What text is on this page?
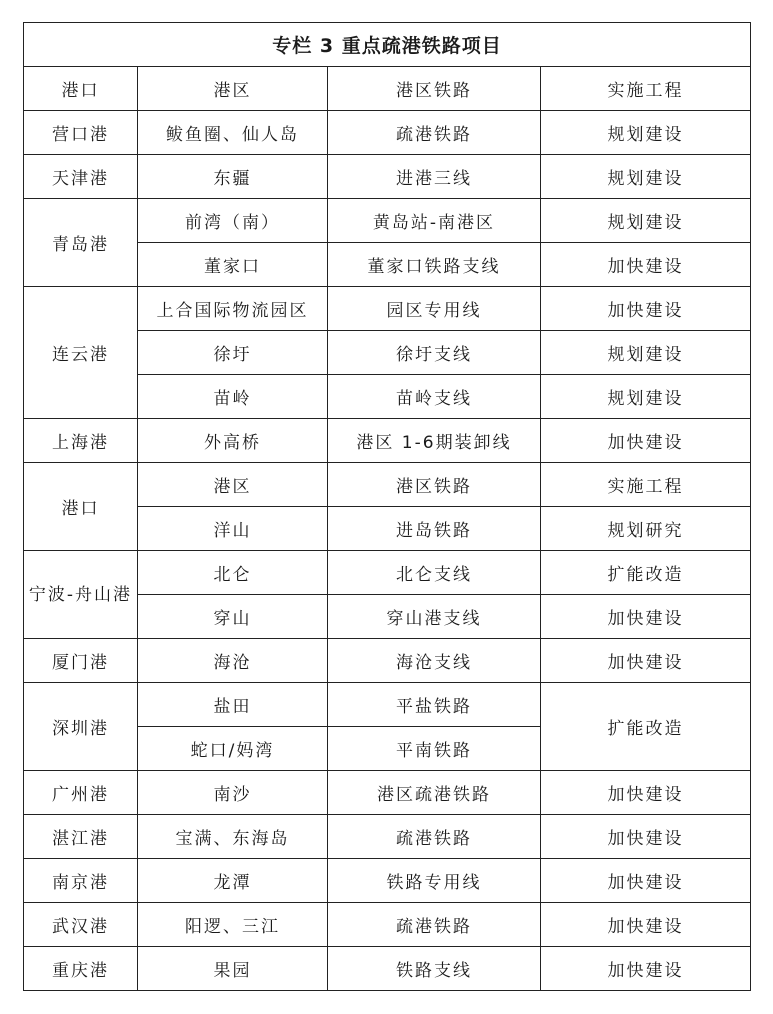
专栏 3 重点疏港铁路项目			
港口	港区	港区铁路	实施工程
营口港	鲅鱼圈、仙人岛	疏港铁路	规划建设
天津港	东疆	进港三线	规划建设
青岛港	前湾（南）	黄岛站-南港区	规划建设
	董家口	董家口铁路支线	加快建设
连云港	上合国际物流园区	园区专用线	加快建设
	徐圩	徐圩支线	规划建设
	苗岭	苗岭支线	规划建设
上海港	外高桥	港区 1-6期装卸线	加快建设
港口	港区	港区铁路	实施工程
	洋山	进岛铁路	规划研究
宁波-舟山港	北仑	北仑支线	扩能改造
	穿山	穿山港支线	加快建设
厦门港	海沧	海沧支线	加快建设
深圳港	盐田	平盐铁路	扩能改造
	蛇口/妈湾	平南铁路	
广州港	南沙	港区疏港铁路	加快建设
湛江港	宝满、东海岛	疏港铁路	加快建设
南京港	龙潭	铁路专用线	加快建设
武汉港	阳逻、三江	疏港铁路	加快建设
重庆港	果园	铁路支线	加快建设
